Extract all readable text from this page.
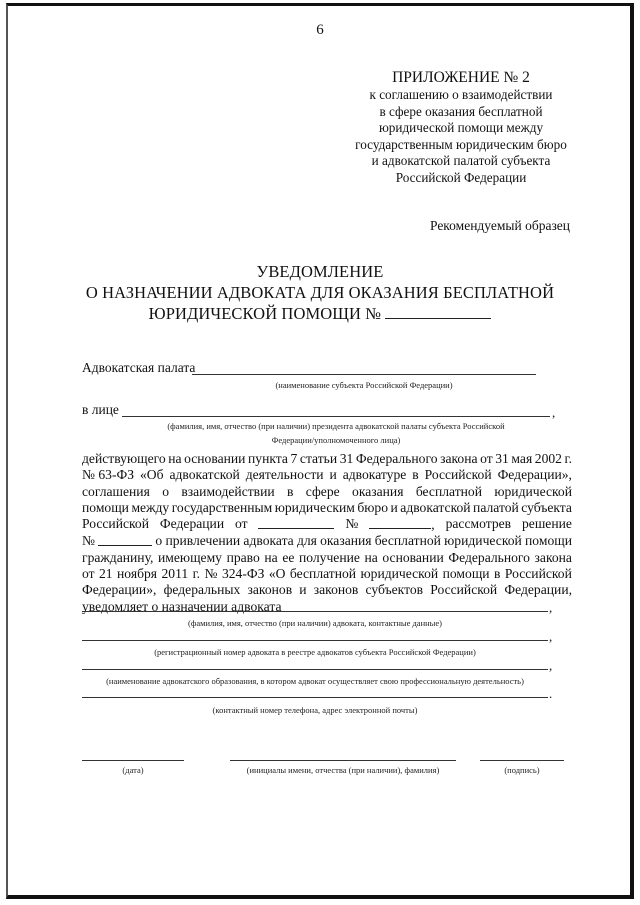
6
ПРИЛОЖЕНИЕ № 2
к соглашению о взаимодействии
в сфере оказания бесплатной
юридической помощи между
государственным юридическим бюро
и адвокатской палатой субъекта
Российской Федерации
Рекомендуемый образец
УВЕДОМЛЕНИЕ
О НАЗНАЧЕНИИ АДВОКАТА ДЛЯ ОКАЗАНИЯ БЕСПЛАТНОЙ
ЮРИДИЧЕСКОЙ ПОМОЩИ №
Адвокатская палата
(наименование субъекта Российской Федерации)
в лице	,
(фамилия, имя, отчество (при наличии) президента адвокатской палаты субъекта Российской
Федерации/уполномоченного лица)
действующего на основании пункта 7 статьи 31 Федерального закона от 31 мая 2002 г.
№ 63-ФЗ «Об адвокатской деятельности и адвокатуре в Российской Федерации»,
соглашения о взаимодействии в сфере оказания бесплатной юридической
помощи между государственным юридическим бюро и адвокатской палатой субъекта
Российской Федерации от	№	, рассмотрев решение
№	о привлечении адвоката для оказания бесплатной юридической помощи
гражданину, имеющему право на ее получение на основании Федерального закона
от 21 ноября 2011 г. № 324-ФЗ «О бесплатной юридической помощи в Российской
Федерации», федеральных законов и законов субъектов Российской Федерации,
уведомляет о назначении адвоката	,
(фамилия, имя, отчество (при наличии) адвоката, контактные данные)
,
(регистрационный номер адвоката в реестре адвокатов субъекта Российской Федерации)
,
(наименование адвокатского образования, в котором адвокат осуществляет свою профессиональную деятельность)
.
(контактный номер телефона, адрес электронной почты)
(дата)	(инициалы имени, отчества (при наличии), фамилия)	(подпись)
